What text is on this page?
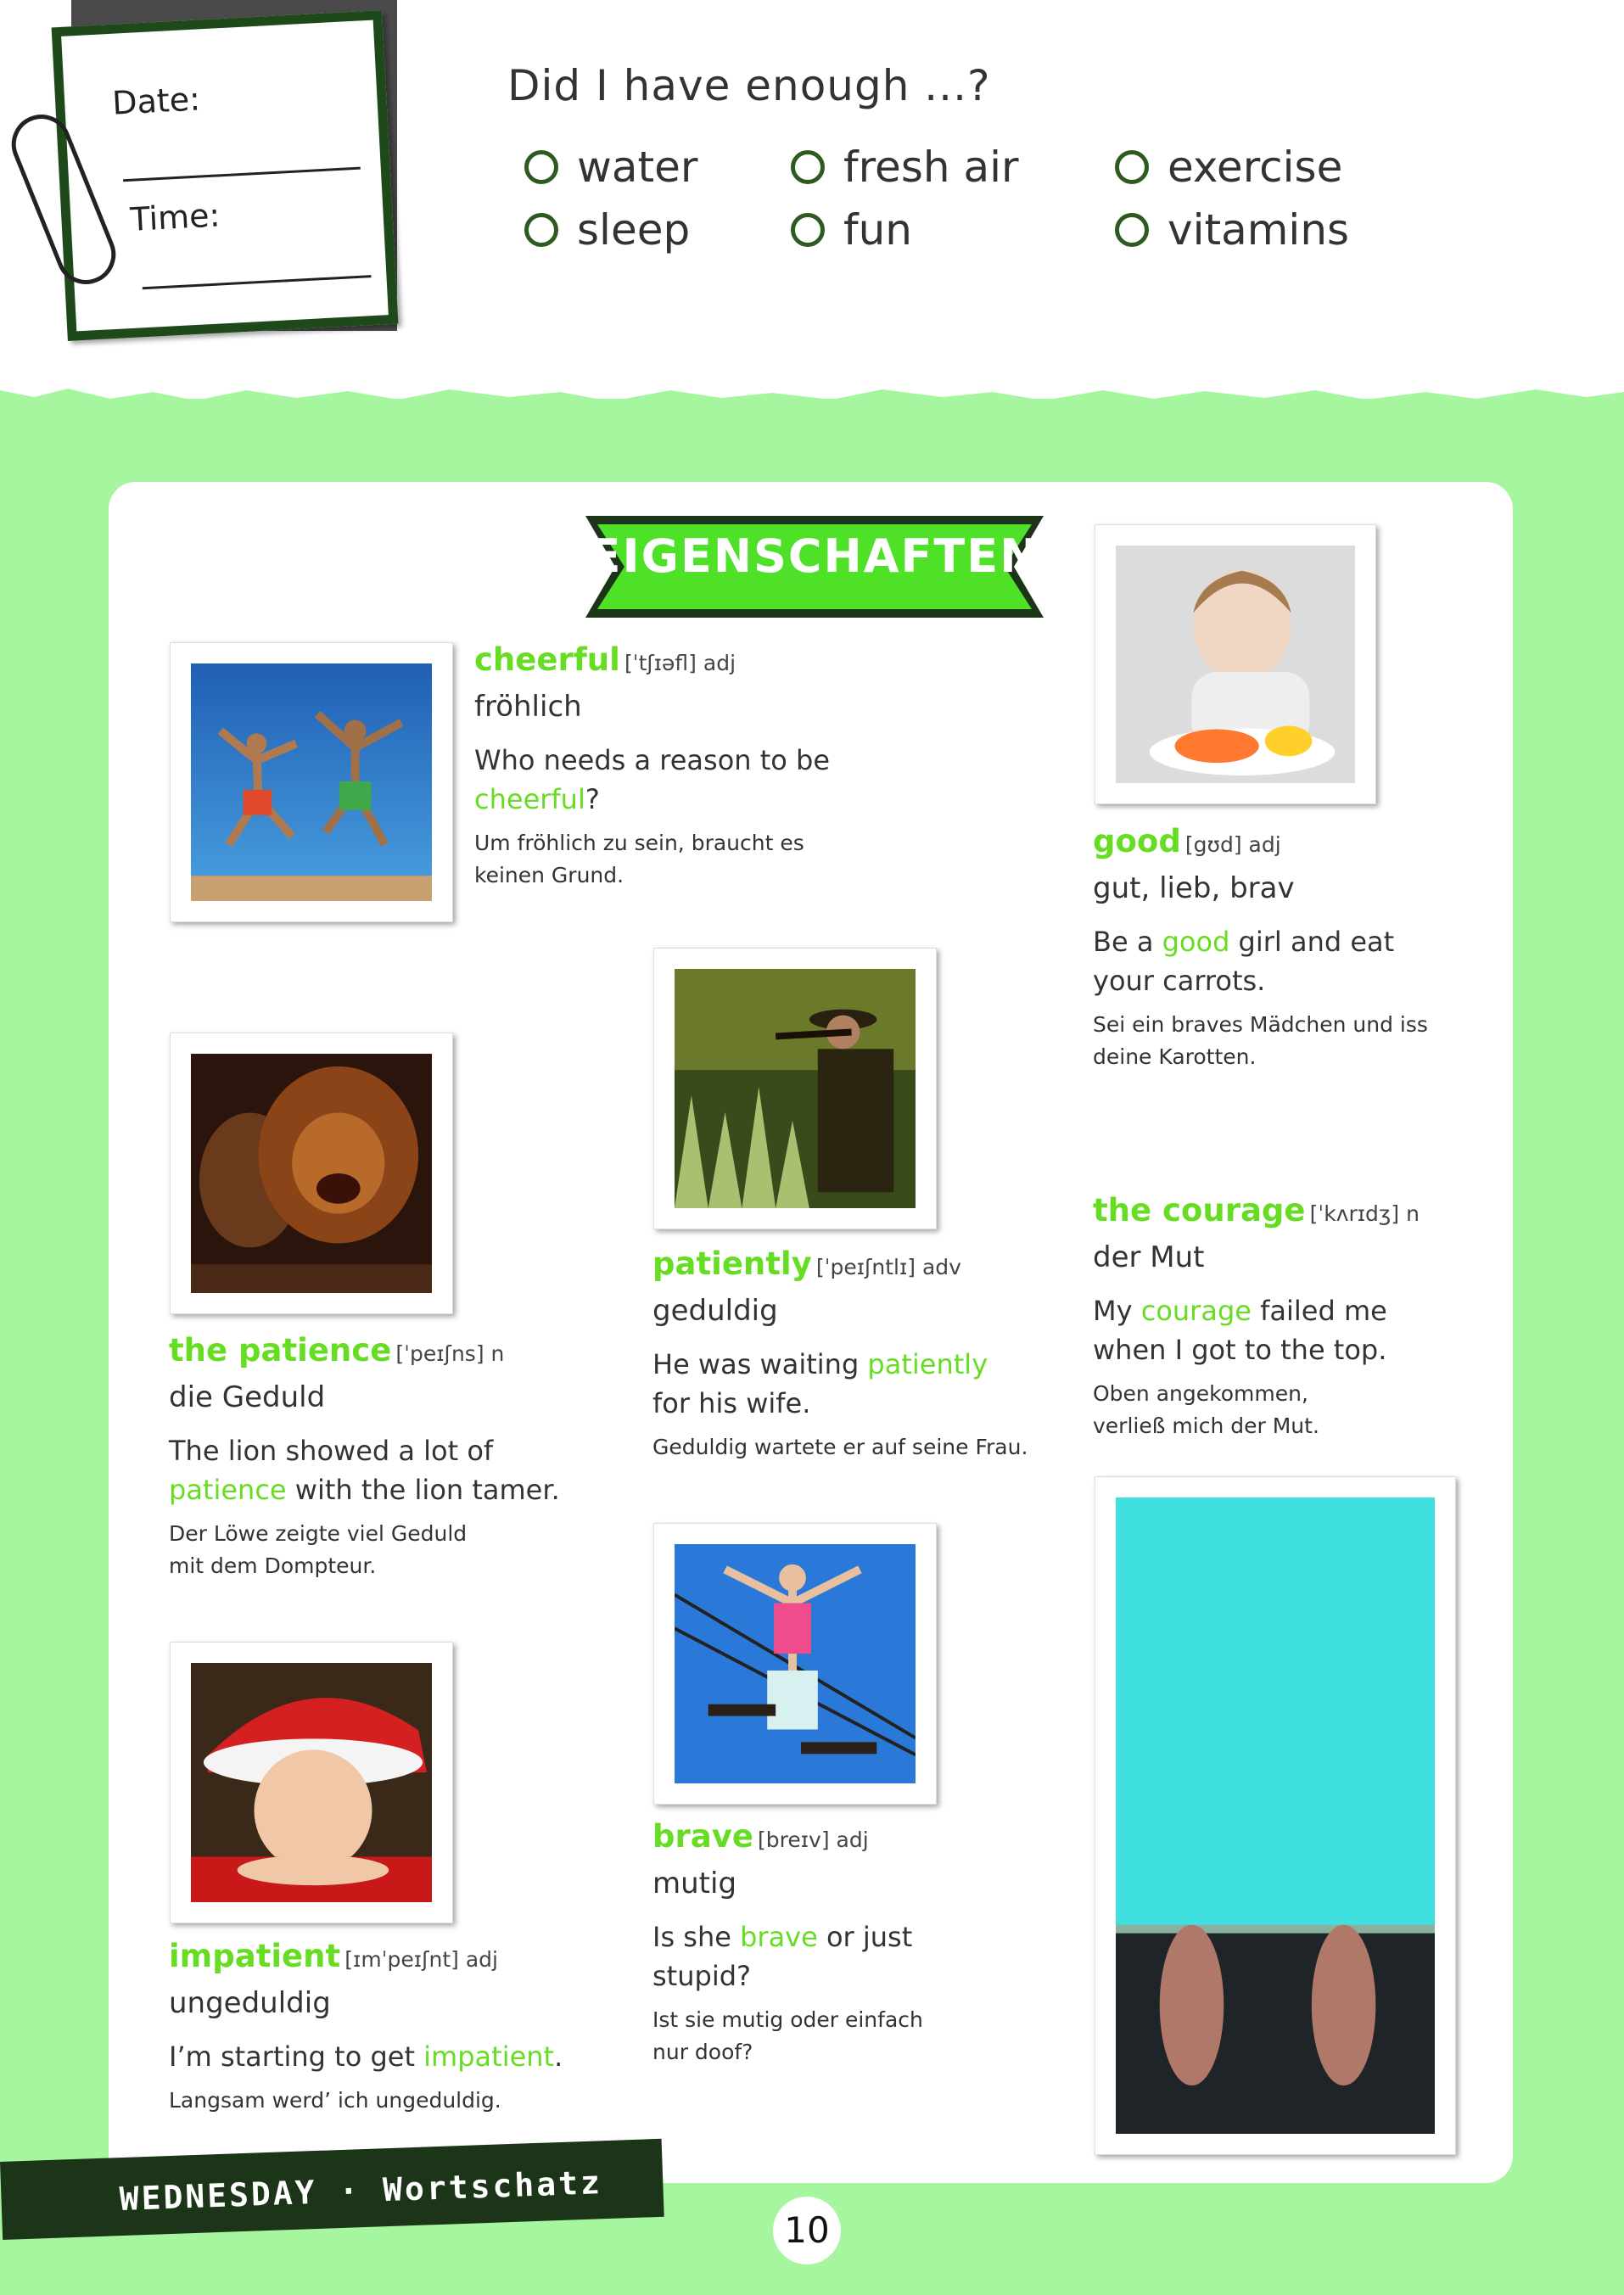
Date:
Time:
Did I have enough ...?
water	fresh air	exercise
sleep	fun	vitamins
EIGENSCHAFTEN
cheerful [ˈtʃɪəfl] adj
fröhlich
Who needs a reason to be cheerful?
Um fröhlich zu sein, braucht es keinen Grund.
good [gʊd] adj
gut, lieb, brav
Be a good girl and eat your carrots.
Sei ein braves Mädchen und iss deine Karotten.
the patience [ˈpeɪʃns] n
die Geduld
The lion showed a lot of patience with the lion tamer.
Der Löwe zeigte viel Geduld mit dem Dompteur.
patiently [ˈpeɪʃntlɪ] adv
geduldig
He was waiting patiently for his wife.
Geduldig wartete er auf seine Frau.
the courage [ˈkʌrɪdʒ] n
der Mut
My courage failed me when I got to the top.
Oben angekommen, verließ mich der Mut.
impatient [ɪmˈpeɪʃnt] adj
ungeduldig
I’m starting to get impatient.
Langsam werd’ ich ungeduldig.
brave [breɪv] adj
mutig
Is she brave or just stupid?
Ist sie mutig oder einfach nur doof?
WEDNESDAY · Wortschatz
10
